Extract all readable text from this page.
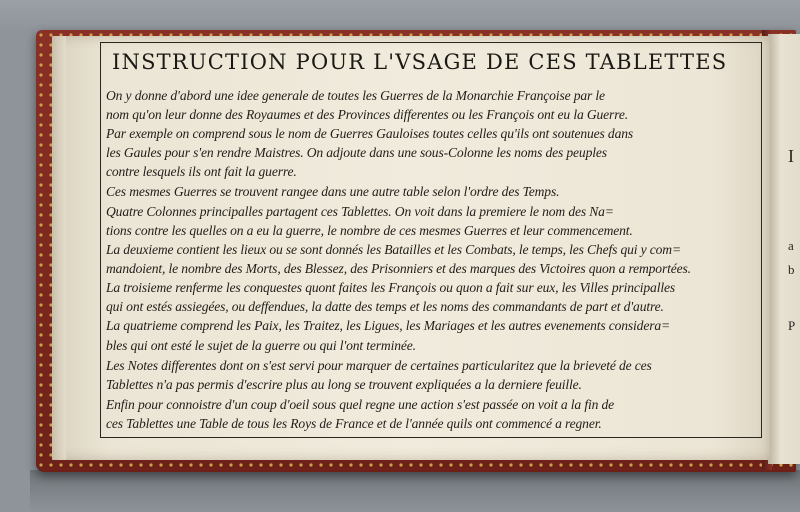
I
a
b
P
INSTRUCTION POUR L'VSAGE DE CES TABLETTES
On y donne d'abord une idee generale de toutes les Guerres de la Monarchie Françoise par le
nom qu'on leur donne des Royaumes et des Provinces differentes ou les François ont eu la Guerre.
Par exemple on comprend sous le nom de Guerres Gauloises toutes celles qu'ils ont soutenues dans
les Gaules pour s'en rendre Maistres. On adjoute dans une sous-Colonne les noms des peuples
contre lesquels ils ont fait la guerre.
Ces mesmes Guerres se trouvent rangee dans une autre table selon l'ordre des Temps.
Quatre Colonnes principalles partagent ces Tablettes. On voit dans la premiere le nom des Na=
tions contre les quelles on a eu la guerre, le nombre de ces mesmes Guerres et leur commencement.
La deuxieme contient les lieux ou se sont donnés les Batailles et les Combats, le temps, les Chefs qui y com=
mandoient, le nombre des Morts, des Blessez, des Prisonniers et des marques des Victoires quon a remportées.
La troisieme renferme les conquestes quont faites les François ou quon a fait sur eux, les Villes principalles
qui ont estés assiegées, ou deffendues, la datte des temps et les noms des commandants de part et d'autre.
La quatrieme comprend les Paix, les Traitez, les Ligues, les Mariages et les autres evenements considera=
bles qui ont esté le sujet de la guerre ou qui l'ont terminée.
Les Notes differentes dont on s'est servi pour marquer de certaines particularitez que la brieveté de ces
Tablettes n'a pas permis d'escrire plus au long se trouvent expliquées a la derniere feuille.
Enfin pour connoistre d'un coup d'oeil sous quel regne une action s'est passée on voit a la fin de
ces Tablettes une Table de tous les Roys de France et de l'année quils ont commencé a regner.
